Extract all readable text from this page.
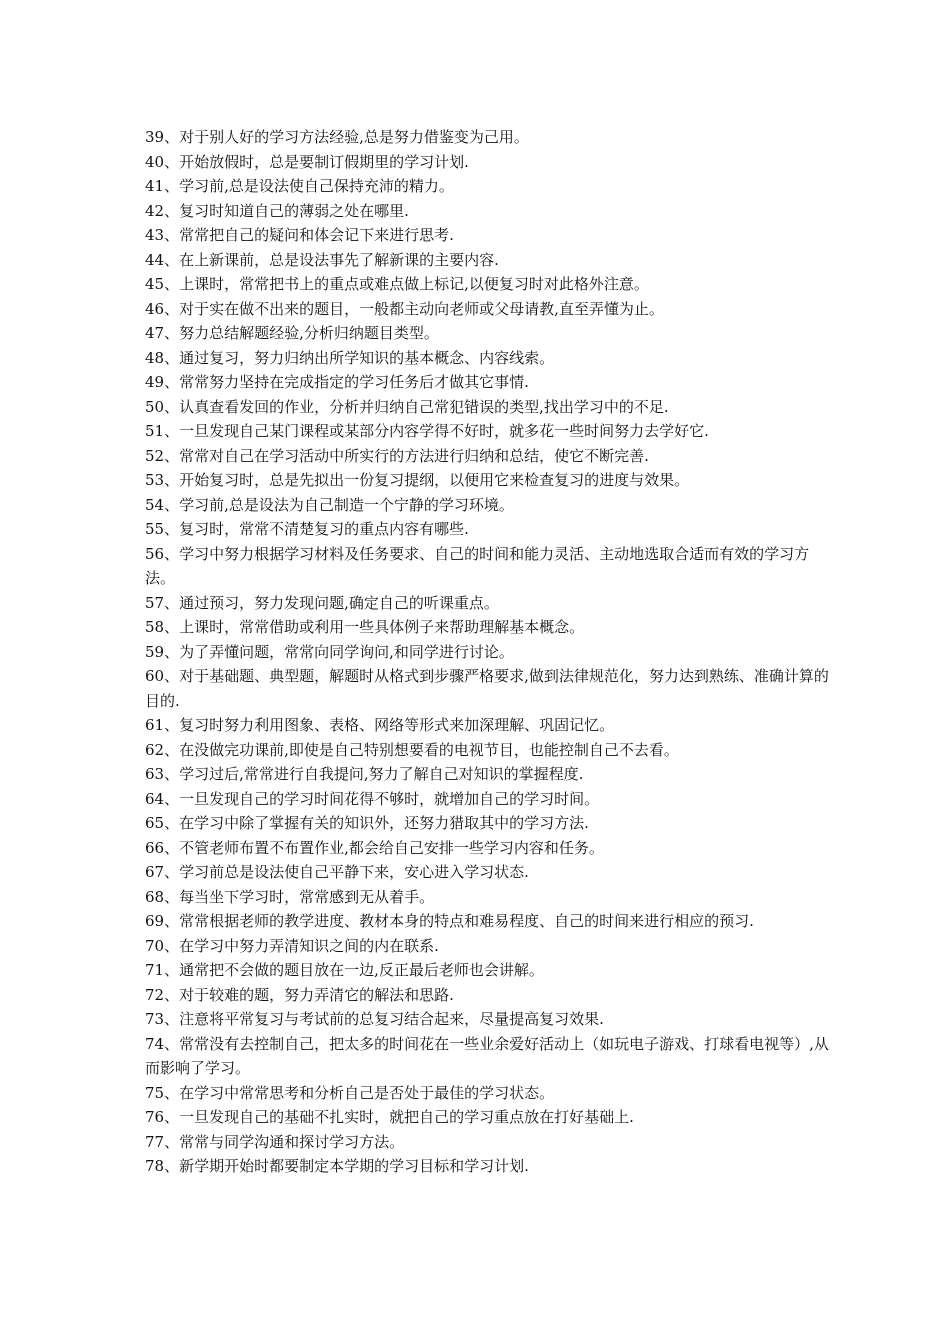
39、对于别人好的学习方法经验,总是努力借鉴变为己用。

40、开始放假时，总是要制订假期里的学习计划.

41、学习前,总是设法使自己保持充沛的精力。

42、复习时知道自己的薄弱之处在哪里.

43、常常把自己的疑问和体会记下来进行思考.

44、在上新课前，总是设法事先了解新课的主要内容.

45、上课时，常常把书上的重点或难点做上标记,以便复习时对此格外注意。

46、对于实在做不出来的题目，一般都主动向老师或父母请教,直至弄懂为止。

47、努力总结解题经验,分析归纳题目类型。

48、通过复习，努力归纳出所学知识的基本概念、内容线索。

49、常常努力坚持在完成指定的学习任务后才做其它事情.

50、认真查看发回的作业，分析并归纳自己常犯错误的类型,找出学习中的不足.

51、一旦发现自己某门课程或某部分内容学得不好时，就多花一些时间努力去学好它.

52、常常对自己在学习活动中所实行的方法进行归纳和总结，使它不断完善.

53、开始复习时，总是先拟出一份复习提纲，以便用它来检查复习的进度与效果。

54、学习前,总是设法为自己制造一个宁静的学习环境。

55、复习时，常常不清楚复习的重点内容有哪些.

56、学习中努力根据学习材料及任务要求、自己的时间和能力灵活、主动地选取合适而有效的学习方法。

57、通过预习，努力发现问题,确定自己的听课重点。

58、上课时，常常借助或利用一些具体例子来帮助理解基本概念。

59、为了弄懂问题，常常向同学询问,和同学进行讨论。

60、对于基础题、典型题，解题时从格式到步骤严格要求,做到法律规范化，努力达到熟练、准确计算的目的.

61、复习时努力利用图象、表格、网络等形式来加深理解、巩固记忆。

62、在没做完功课前,即使是自己特别想要看的电视节目，也能控制自己不去看。

63、学习过后,常常进行自我提问,努力了解自己对知识的掌握程度.

64、一旦发现自己的学习时间花得不够时，就增加自己的学习时间。

65、在学习中除了掌握有关的知识外，还努力猎取其中的学习方法.

66、不管老师布置不布置作业,都会给自己安排一些学习内容和任务。

67、学习前总是设法使自己平静下来，安心进入学习状态.

68、每当坐下学习时，常常感到无从着手。

69、常常根据老师的教学进度、教材本身的特点和难易程度、自己的时间来进行相应的预习.

70、在学习中努力弄清知识之间的内在联系.

71、通常把不会做的题目放在一边,反正最后老师也会讲解。

72、对于较难的题，努力弄清它的解法和思路.

73、注意将平常复习与考试前的总复习结合起来，尽量提高复习效果.

74、常常没有去控制自己，把太多的时间花在一些业余爱好活动上（如玩电子游戏、打球看电视等）,从而影响了学习。

75、在学习中常常思考和分析自己是否处于最佳的学习状态。

76、一旦发现自己的基础不扎实时，就把自己的学习重点放在打好基础上.

77、常常与同学沟通和探讨学习方法。

78、新学期开始时都要制定本学期的学习目标和学习计划.
